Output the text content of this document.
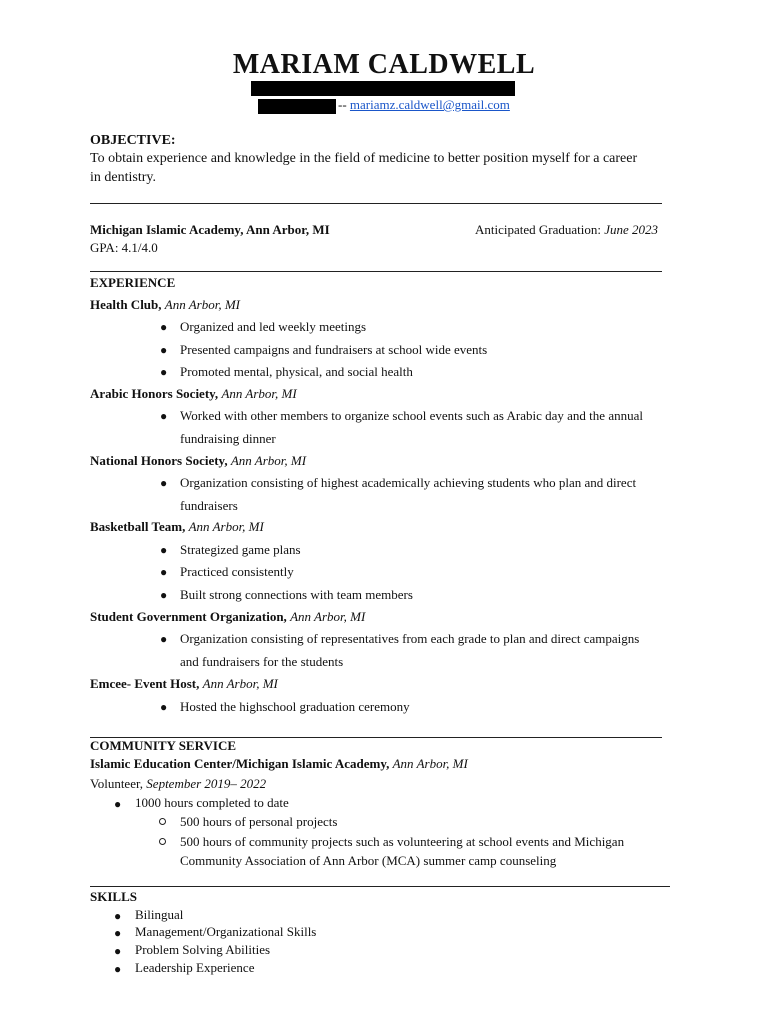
MARIAM CALDWELL
-- mariamz.caldwell@gmail.com
OBJECTIVE:
To obtain experience and knowledge in the field of medicine to better position myself for a career
in dentistry.
Michigan Islamic Academy, Ann Arbor, MI	Anticipated Graduation: June 2023
GPA: 4.1/4.0
EXPERIENCE
Health Club, Ann Arbor, MI
● Organized and led weekly meetings
● Presented campaigns and fundraisers at school wide events
● Promoted mental, physical, and social health
Arabic Honors Society, Ann Arbor, MI
● Worked with other members to organize school events such as Arabic day and the annual
fundraising dinner
National Honors Society, Ann Arbor, MI
● Organization consisting of highest academically achieving students who plan and direct
fundraisers
Basketball Team, Ann Arbor, MI
● Strategized game plans
● Practiced consistently
● Built strong connections with team members
Student Government Organization, Ann Arbor, MI
● Organization consisting of representatives from each grade to plan and direct campaigns
and fundraisers for the students
Emcee- Event Host, Ann Arbor, MI
● Hosted the highschool graduation ceremony
COMMUNITY SERVICE
Islamic Education Center/Michigan Islamic Academy, Ann Arbor, MI
Volunteer, September 2019– 2022
● 1000 hours completed to date
500 hours of personal projects
500 hours of community projects such as volunteering at school events and Michigan
Community Association of Ann Arbor (MCA) summer camp counseling
SKILLS
● Bilingual
● Management/Organizational Skills
● Problem Solving Abilities
● Leadership Experience
